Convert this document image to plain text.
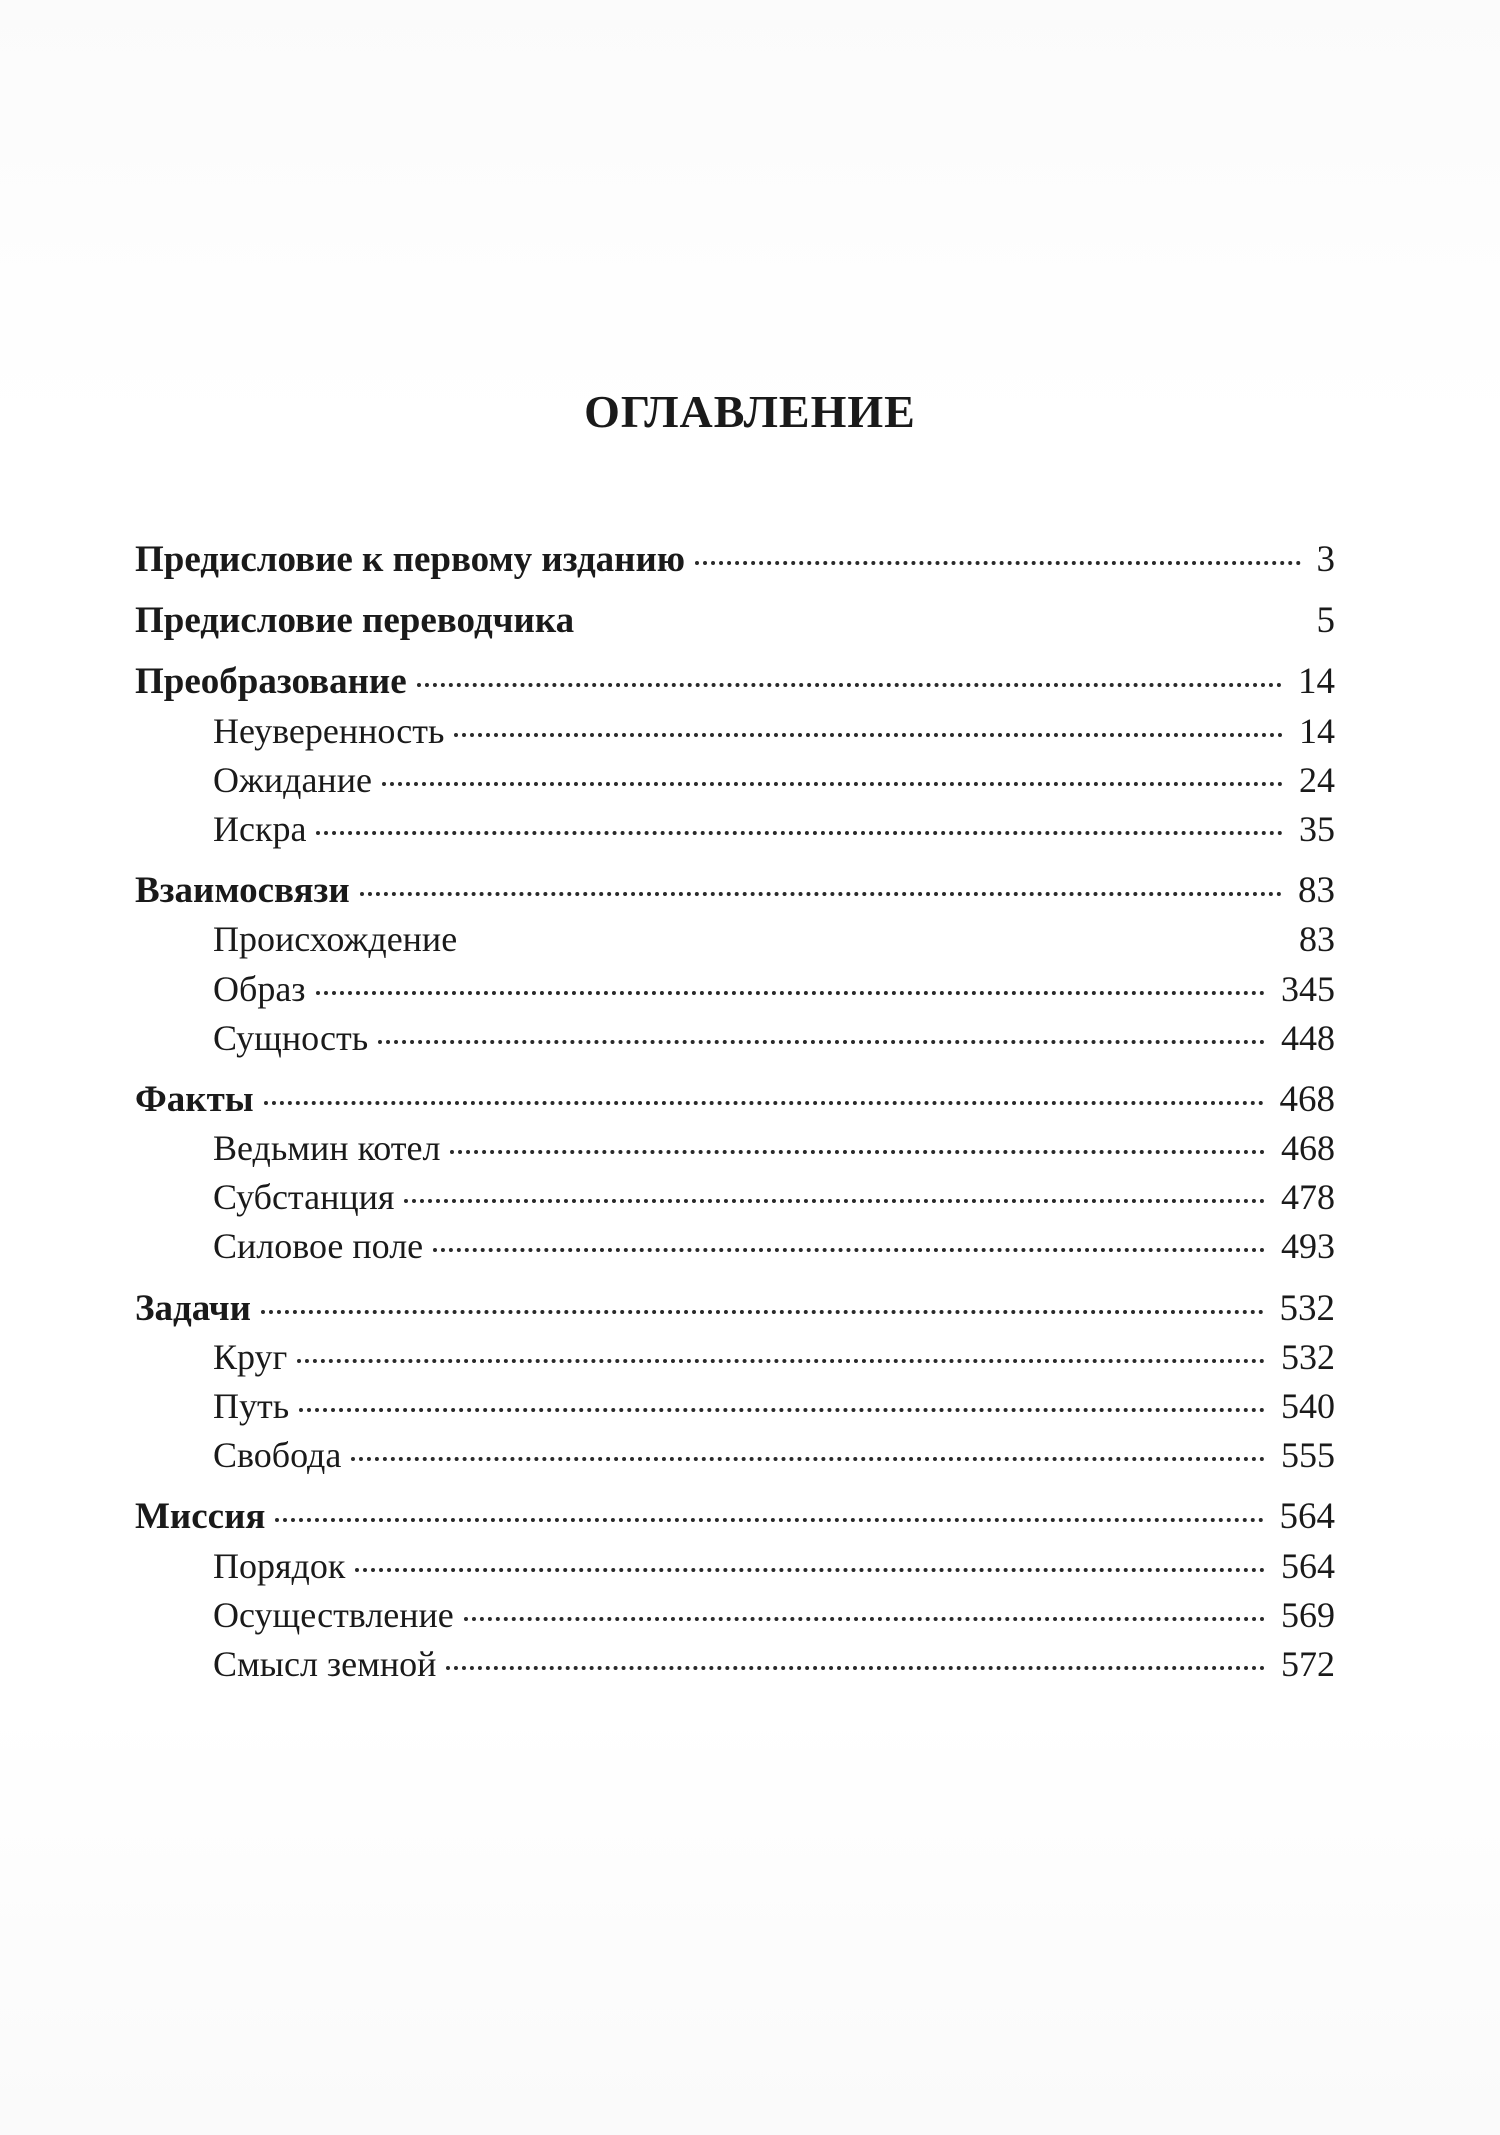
ОГЛАВЛЕНИЕ
Предисловие к первому изданию	3
Предисловие переводчика	5
Преобразование	14
Неуверенность	14
Ожидание	24
Искра	35
Взаимосвязи	83
Происхождение	83
Образ	345
Сущность	448
Факты	468
Ведьмин котел	468
Субстанция	478
Силовое поле	493
Задачи	532
Круг	532
Путь	540
Свобода	555
Миссия	564
Порядок	564
Осуществление	569
Смысл земной	572
